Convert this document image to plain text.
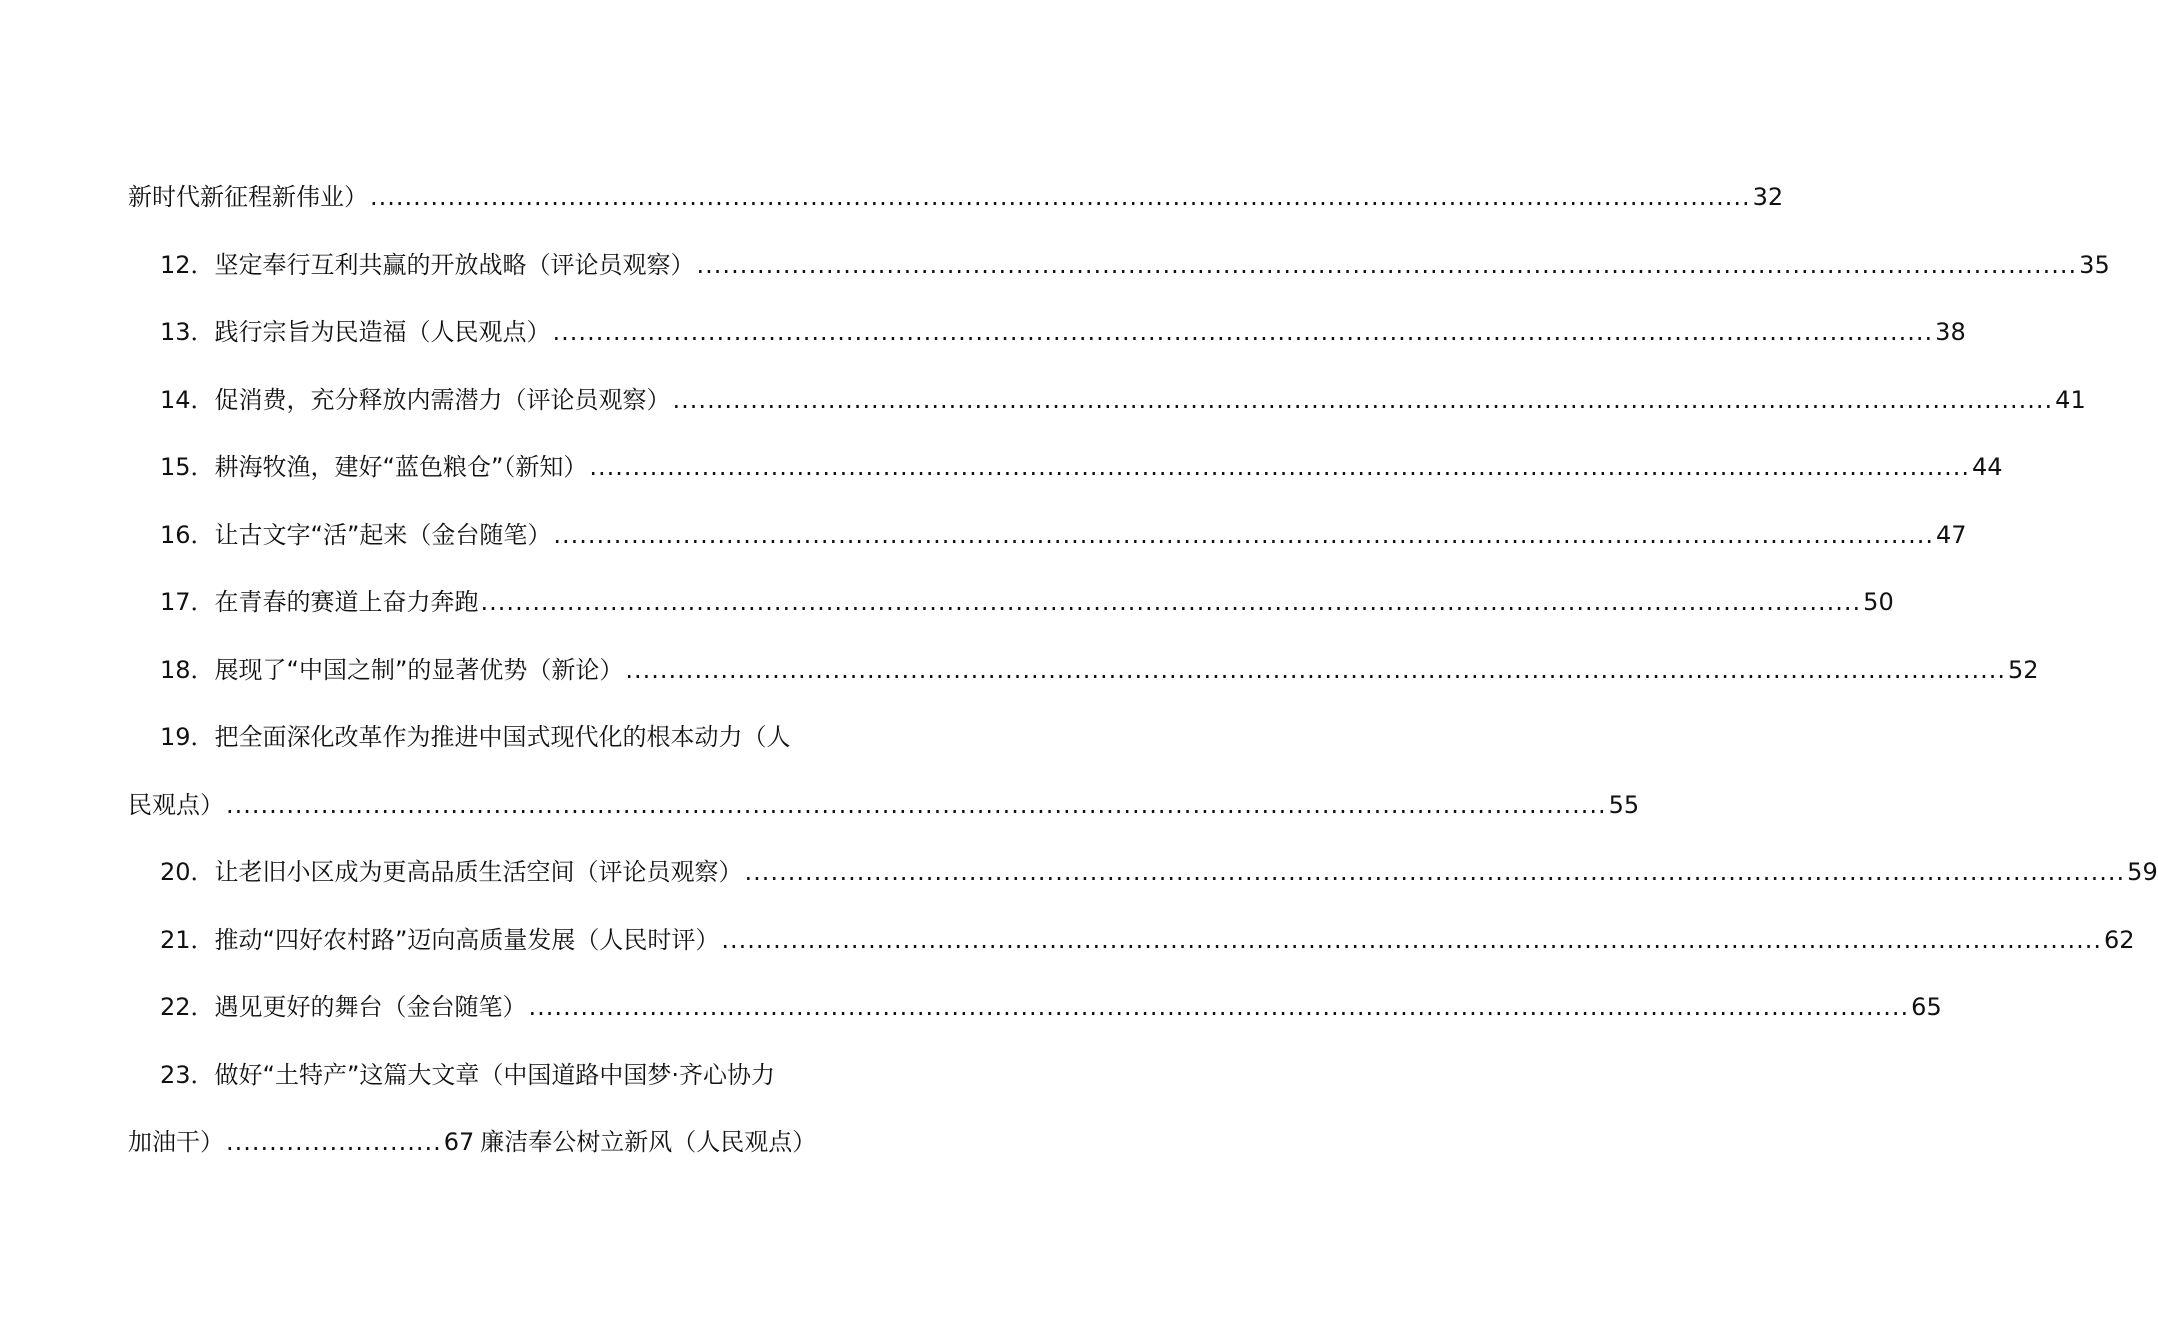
新时代新征程新伟业） ................................................................................................................................................................ 32
12．坚定奉行互利共赢的开放战略（评论员观察） ................................................................................................................................................................ 35
13．践行宗旨为民造福（人民观点） ................................................................................................................................................................ 38
14．促消费，充分释放内需潜力（评论员观察） ................................................................................................................................................................ 41
15．耕海牧渔，建好“蓝色粮仓”（新知） ................................................................................................................................................................ 44
16．让古文字“活”起来（金台随笔） ................................................................................................................................................................ 47
17．在青春的赛道上奋力奔跑 ................................................................................................................................................................ 50
18．展现了“中国之制”的显著优势（新论） ................................................................................................................................................................ 52
19．把全面深化改革作为推进中国式现代化的根本动力（人
民观点） ................................................................................................................................................................ 55
20．让老旧小区成为更高品质生活空间（评论员观察） ................................................................................................................................................................ 59
21．推动“四好农村路”迈向高质量发展（人民时评） ................................................................................................................................................................ 62
22．遇见更好的舞台（金台随笔） ................................................................................................................................................................ 65
23．做好“土特产”这篇大文章（中国道路中国梦·齐心协力
加油干） ......................... 67 廉洁奉公树立新风（人民观点）
